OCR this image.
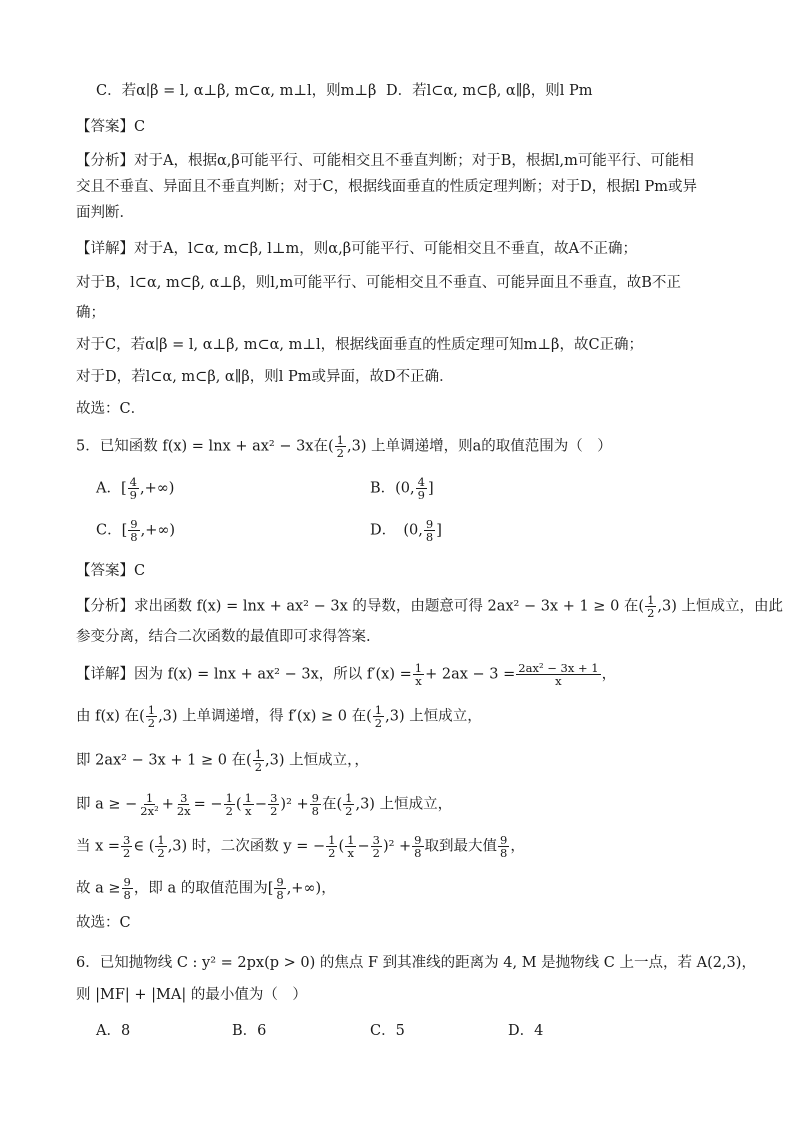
C．若α∣β = l, α⊥β, m⊂α, m⊥l，则m⊥β D．若l⊂α, m⊂β, α∥β，则l Pm
【答案】C
【分析】对于A，根据α,β可能平行、可能相交且不垂直判断；对于B，根据l,m可能平行、可能相
交且不垂直、异面且不垂直判断；对于C，根据线面垂直的性质定理判断；对于D，根据l Pm或异
面判断．
【详解】对于A，l⊂α, m⊂β, l⊥m，则α,β可能平行、可能相交且不垂直，故A不正确；
对于B，l⊂α, m⊂β, α⊥β，则l,m可能平行、可能相交且不垂直、可能异面且不垂直，故B不正
确；
对于C，若α∣β = l, α⊥β, m⊂α, m⊥l，根据线面垂直的性质定理可知m⊥β，故C正确；
对于D，若l⊂α, m⊂β, α∥β，则l Pm或异面，故D不正确．
故选：C．
5．已知函数 f(x) = lnx + ax² − 3x在( $\frac{1}{2} ,3$) 上单调递增，则a的取值范围为（　）
A．[ $\frac{4}{9}$ ,+∞)	B．(0, $\frac{4}{9}$ ]
C．[ $\frac{9}{8}$ ,+∞)	D．　(0, $\frac{9}{8}$ ]
【答案】C
【分析】求出函数 f(x) = lnx + ax² − 3x 的导数，由题意可得 2ax² − 3x + 1 ≥ 0 在( $\frac{1}{2} ,3$) 上恒成立，由此
参变分离，结合二次函数的最值即可求得答案.
【详解】因为 f(x) = lnx + ax² − 3x，所以 $f'(x) = \frac{1}{x} + 2ax - 3 = \frac{\text{2ax² − 3x + 1}}{x}$ ，
由 f(x) 在( $\frac{1}{2} ,3$) 上单调递增，得 f′(x) ≥ 0 在( $\frac{1}{2} ,3$) 上恒成立，
即 2ax² − 3x + 1 ≥ 0 在( $\frac{1}{2} ,3$) 上恒成立，，
即 a ≥ − $\frac{1}{\text{2x²}} + \frac{3}{2x}$ = − $\frac{1}{2}$ ( $\frac{1}{x} - \frac{3}{2} )^2 + \frac{9}{8}$ 在( $\frac{1}{2} ,3$) 上恒成立，
当 $x = \frac{3}{2}$ ∈ ( $\frac{1}{2} ,3$) 时，二次函数 y = − $\frac{1}{2}$ ( $\frac{1}{x} - \frac{3}{2} )^2 + \frac{9}{8}$ 取到最大值 $\frac{9}{8}$ ，
故 $a \ge \frac{9}{8}$ ，即 a 的取值范围为[ $\frac{9}{8}$ ,+∞)，
故选：C
6．已知抛物线 C : y² = 2px(p > 0) 的焦点 F 到其准线的距离为 4, M 是抛物线 C 上一点，若 A(2,3)，
则 |MF| + |MA| 的最小值为（　）
A．8	B．6	C．5	D．4
